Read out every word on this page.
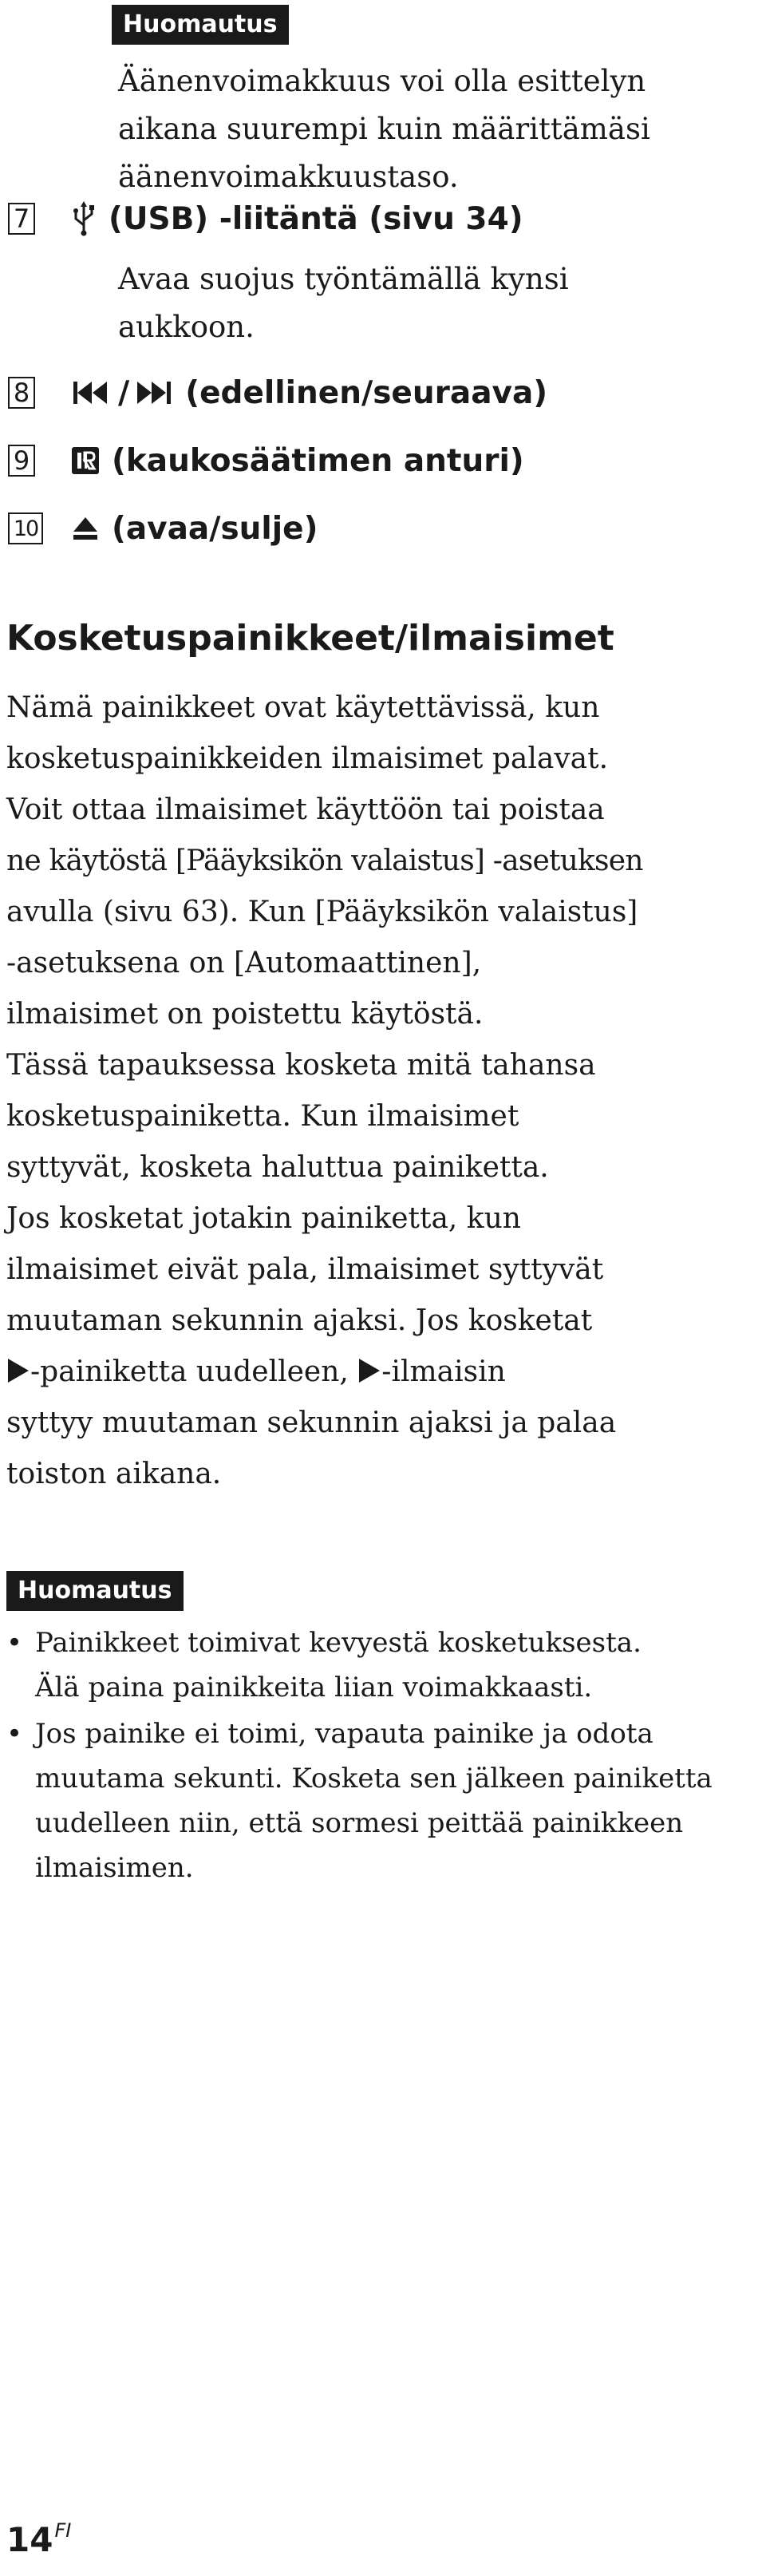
Huomautus
Äänenvoimakkuus voi olla esittelyn
aikana suurempi kuin määrittämäsi
äänenvoimakkuustaso.
7	(USB) -liitäntä (sivu 34)
Avaa suojus työntämällä kynsi
aukkoon.
8	/ (edellinen/seuraava)
9	(kaukosäätimen anturi)
10 (avaa/sulje)
Kosketuspainikkeet/ilmaisimet
Nämä painikkeet ovat käytettävissä, kun
kosketuspainikkeiden ilmaisimet palavat.
Voit ottaa ilmaisimet käyttöön tai poistaa
ne käytöstä [Pääyksikön valaistus] -asetuksen
avulla (sivu 63). Kun [Pääyksikön valaistus]
-asetuksena on [Automaattinen],
ilmaisimet on poistettu käytöstä.
Tässä tapauksessa kosketa mitä tahansa
kosketuspainiketta. Kun ilmaisimet
syttyvät, kosketa haluttua painiketta.
Jos kosketat jotakin painiketta, kun
ilmaisimet eivät pala, ilmaisimet syttyvät
muutaman sekunnin ajaksi. Jos kosketat
-painiketta uudelleen, -ilmaisin
syttyy muutaman sekunnin ajaksi ja palaa
toiston aikana.
Huomautus
• Painikkeet toimivat kevyestä kosketuksesta.
Älä paina painikkeita liian voimakkaasti.
• Jos painike ei toimi, vapauta painike ja odota
muutama sekunti. Kosketa sen jälkeen painiketta
uudelleen niin, että sormesi peittää painikkeen
ilmaisimen.
$14^{FI}$
